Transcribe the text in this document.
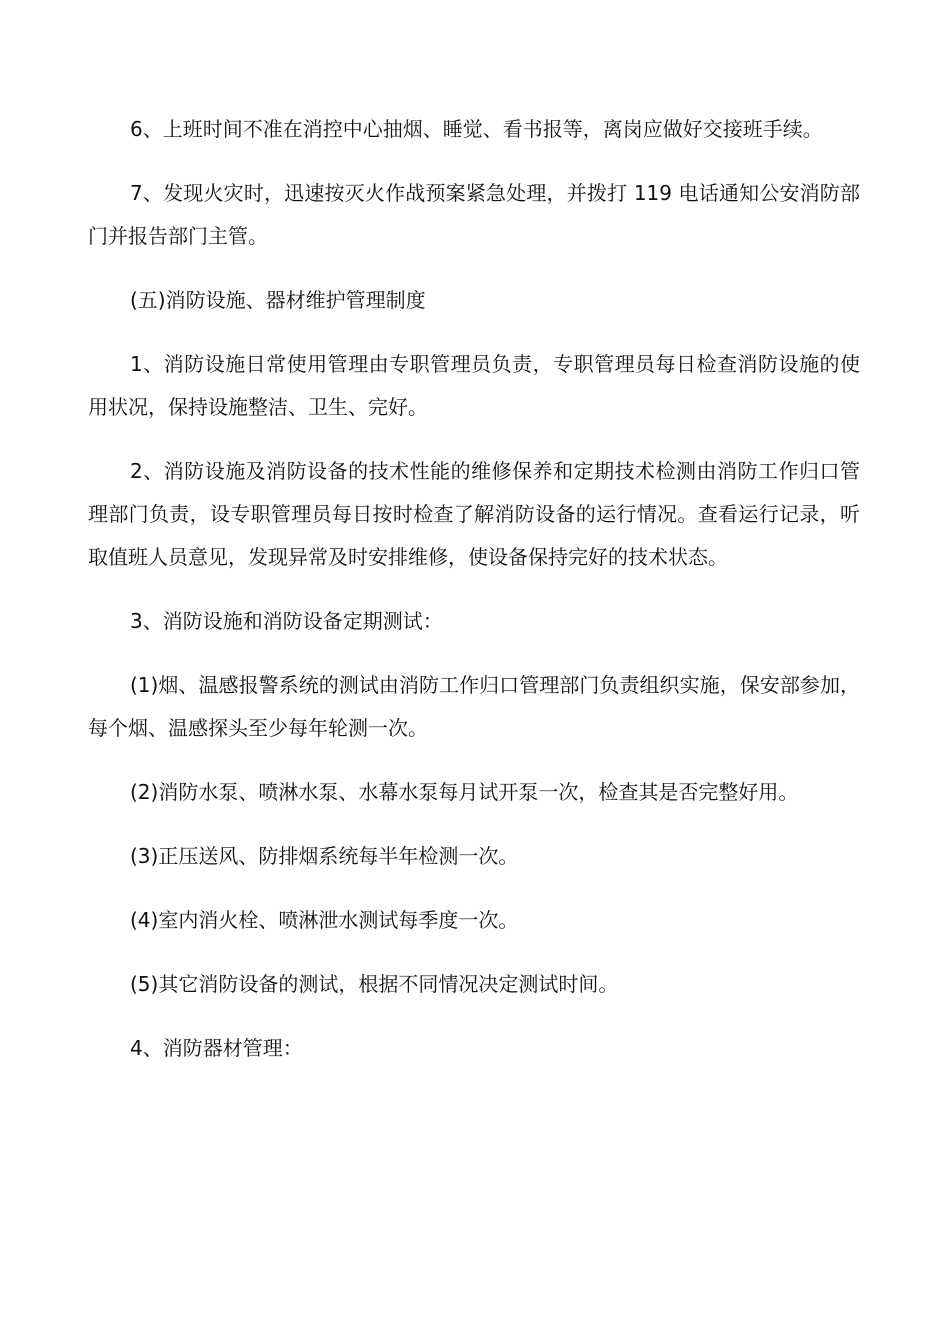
6、上班时间不准在消控中心抽烟、睡觉、看书报等，离岗应做好交接班手续。

7、发现火灾时，迅速按灭火作战预案紧急处理，并拨打 119 电话通知公安消防部门并报告部门主管。

(五)消防设施、器材维护管理制度

1、消防设施日常使用管理由专职管理员负责，专职管理员每日检查消防设施的使用状况，保持设施整洁、卫生、完好。

2、消防设施及消防设备的技术性能的维修保养和定期技术检测由消防工作归口管理部门负责，设专职管理员每日按时检查了解消防设备的运行情况。查看运行记录，听取值班人员意见，发现异常及时安排维修，使设备保持完好的技术状态。

3、消防设施和消防设备定期测试：

(1)烟、温感报警系统的测试由消防工作归口管理部门负责组织实施，保安部参加，每个烟、温感探头至少每年轮测一次。

(2)消防水泵、喷淋水泵、水幕水泵每月试开泵一次，检查其是否完整好用。

(3)正压送风、防排烟系统每半年检测一次。

(4)室内消火栓、喷淋泄水测试每季度一次。

(5)其它消防设备的测试，根据不同情况决定测试时间。

4、消防器材管理：
